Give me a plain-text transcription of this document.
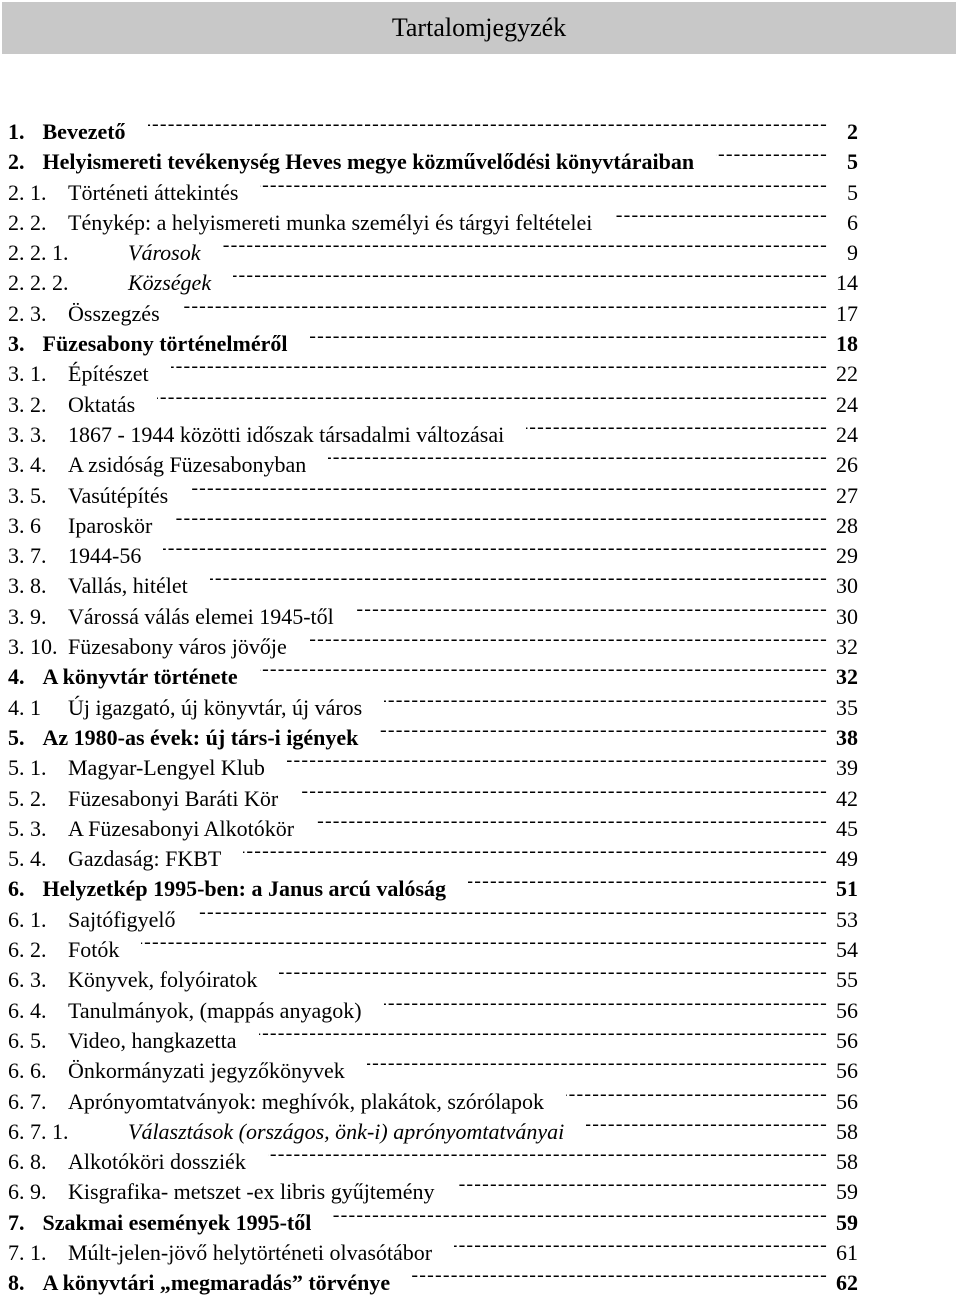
Tartalomjegyzék
1. Bevezető -----	2
2. Helyismereti tevékenység Heves megye közművelődési könyvtáraiban -----	5
2. 1. Történeti áttekintés -----	5
2. 2. Ténykép: a helyismereti munka személyi és tárgyi feltételei -----	6
2. 2. 1.	Városok -----	9
2. 2. 2.	Községek -----	14
2. 3. Összegzés -----	17
3. Füzesabony történelméről -----	18
3. 1. Építészet -----	22
3. 2. Oktatás -----	24
3. 3. 1867 - 1944 közötti időszak társadalmi változásai -----	24
3. 4. A zsidóság Füzesabonyban -----	26
3. 5. Vasútépítés -----	27
3. 6	Iparoskör -----	28
3. 7. 1944-56 -----	29
3. 8. Vallás, hitélet -----	30
3. 9. Várossá válás elemei 1945-től -----	30
3. 10. Füzesabony város jövője -----	32
4. A könyvtár története -----	32
4. 1	Új igazgató, új könyvtár, új város -----	35
5. Az 1980-as évek: új társ-i igények -----	38
5. 1. Magyar-Lengyel Klub -----	39
5. 2. Füzesabonyi Baráti Kör -----	42
5. 3. A Füzesabonyi Alkotókör -----	45
5. 4. Gazdaság: FKBT -----	49
6. Helyzetkép 1995-ben: a Janus arcú valóság -----	51
6. 1. Sajtófigyelő -----	53
6. 2. Fotók -----	54
6. 3. Könyvek, folyóiratok -----	55
6. 4. Tanulmányok, (mappás anyagok) -----	56
6. 5. Video, hangkazetta -----	56
6. 6. Önkormányzati jegyzőkönyvek -----	56
6. 7. Aprónyomtatványok: meghívók, plakátok, szórólapok -----	56
6. 7. 1.	Választások (országos, önk-i) aprónyomtatványai -----	58
6. 8. Alkotóköri dossziék -----	58
6. 9. Kisgrafika- metszet -ex libris gyűjtemény -----	59
7. Szakmai események 1995-től -----	59
7. 1. Múlt-jelen-jövő helytörténeti olvasótábor -----	61
8. A könyvtári „megmaradás” törvénye -----	62
